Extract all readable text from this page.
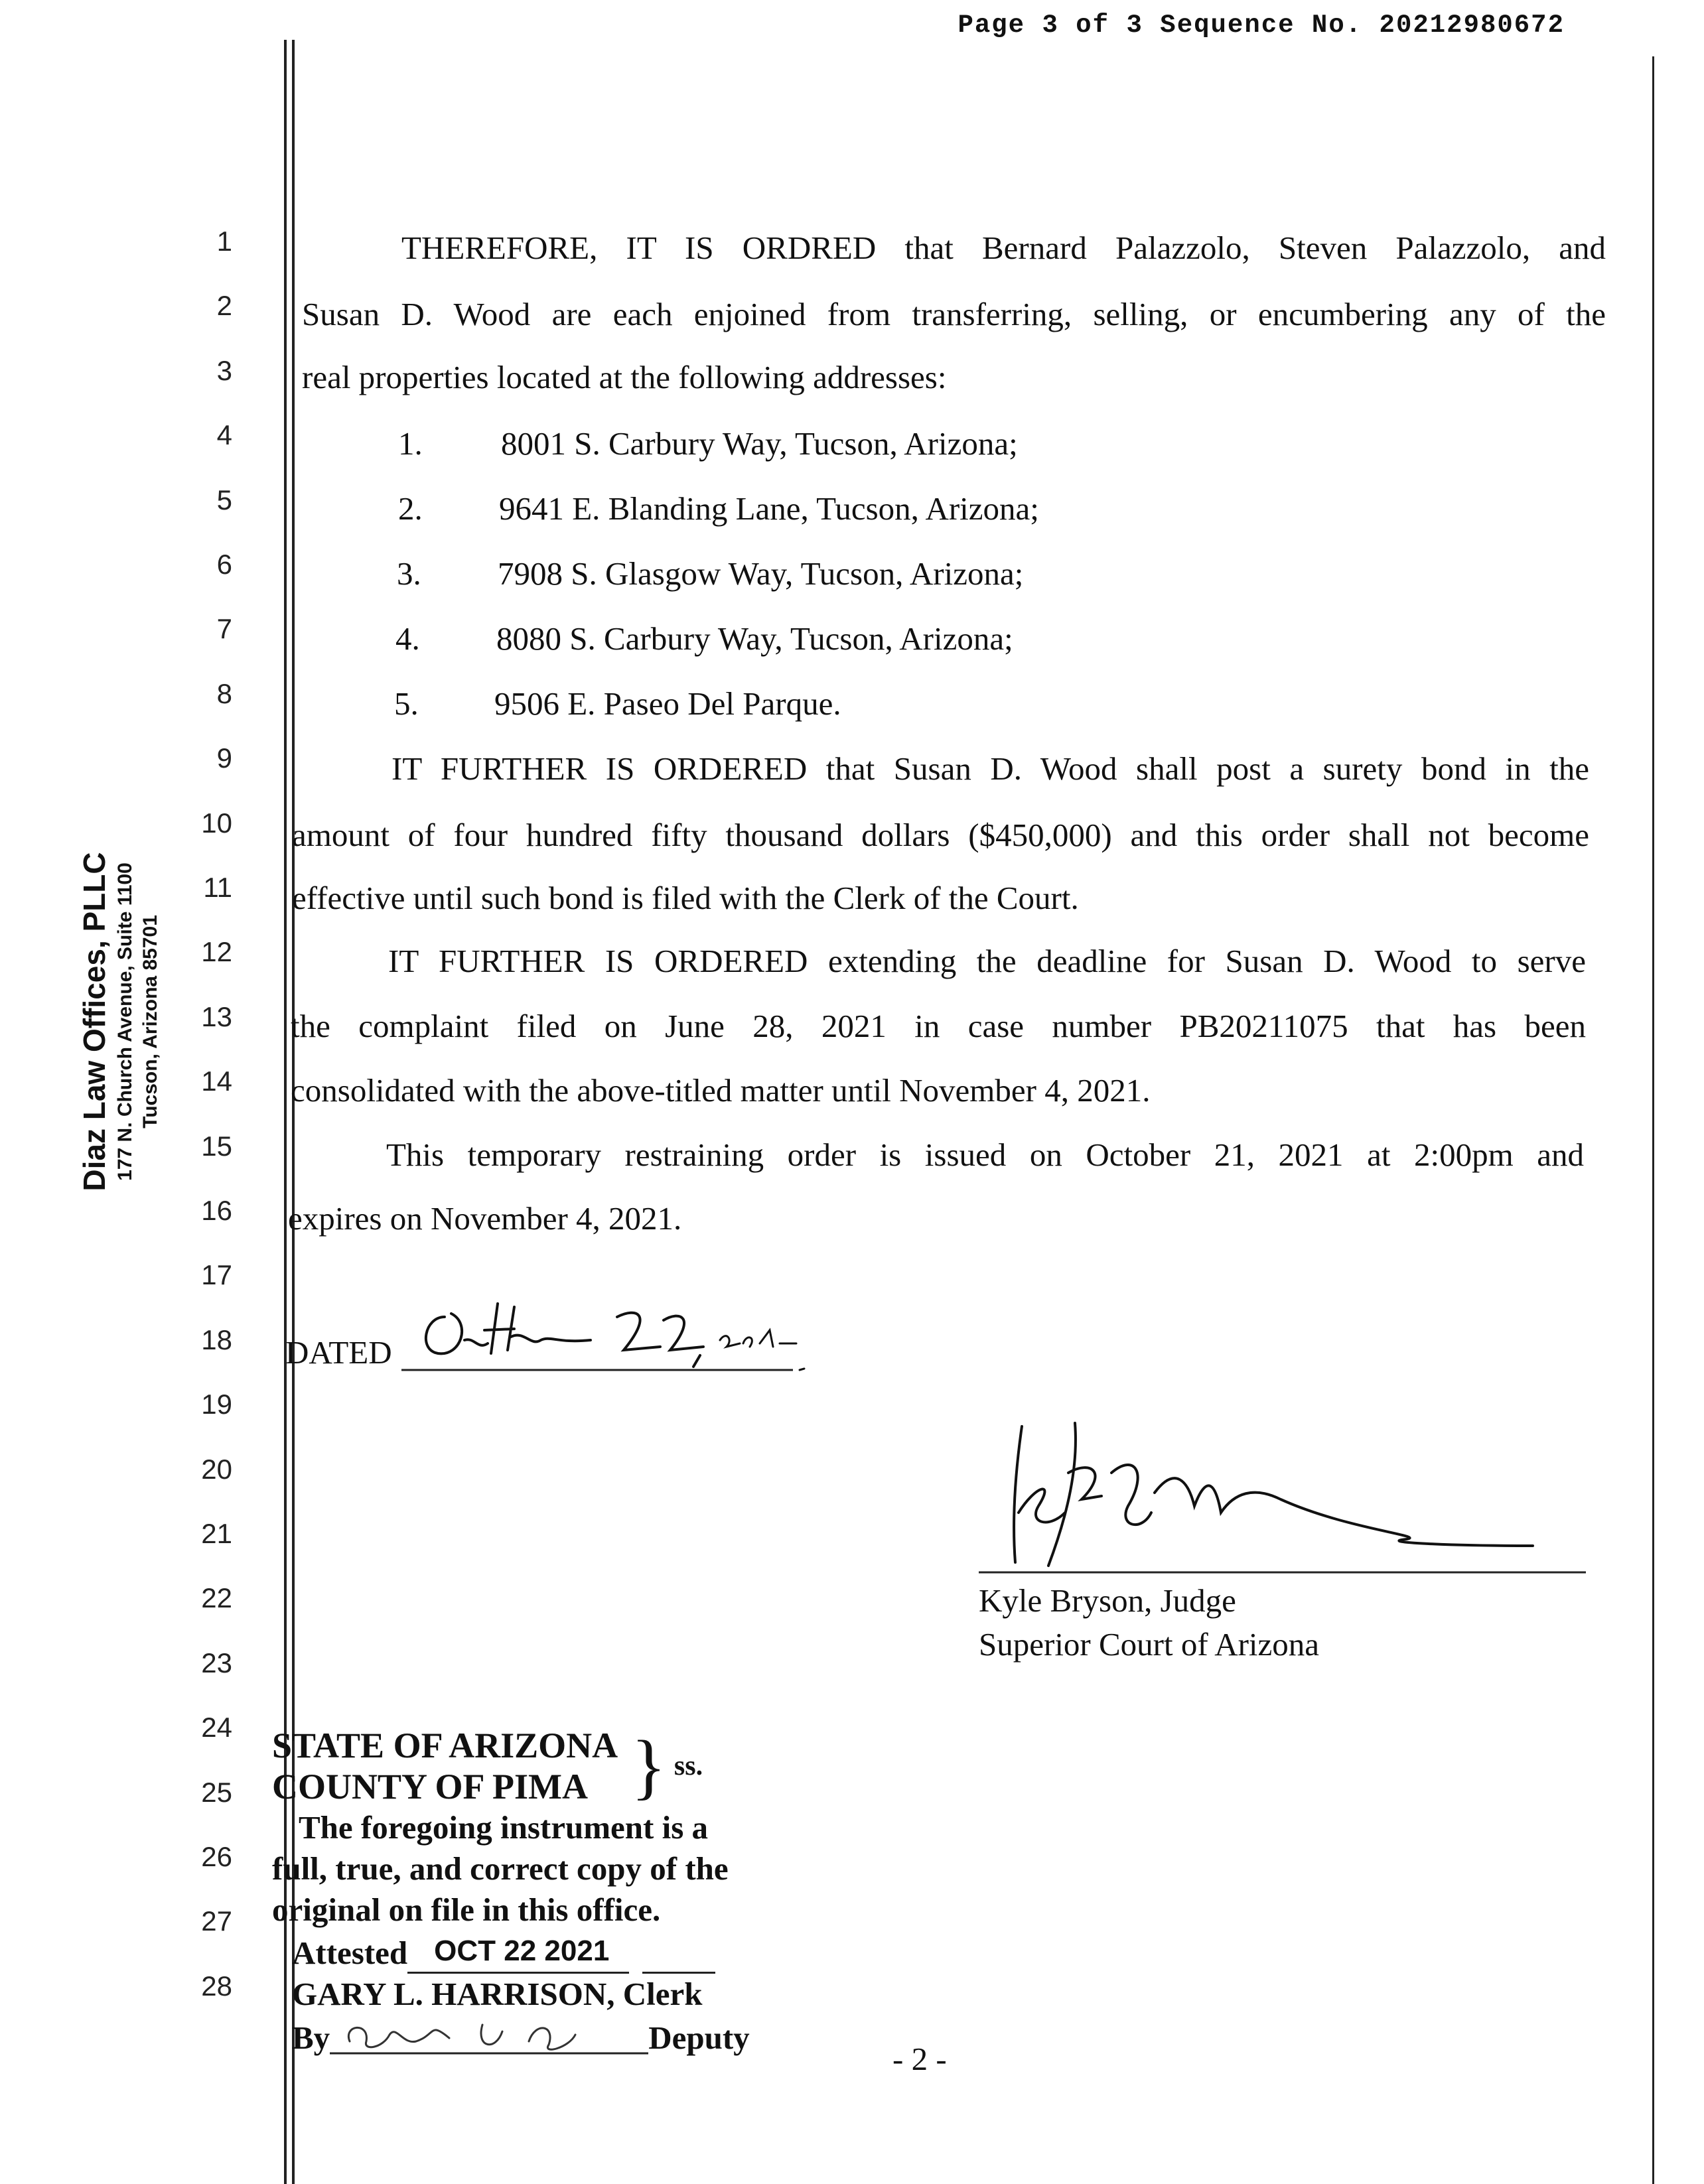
Page 3 of 3 Sequence No. 20212980672
Diaz Law Offices, PLLC 177 N. Church Avenue, Suite 1100 Tucson, Arizona 85701
1
2
3
4
5
6
7
8
9
10
11
12
13
14
15
16
17
18
19
20
21
22
23
24
25
26
27
28
THEREFORE, IT IS ORDRED that Bernard Palazzolo, Steven Palazzolo, and
Susan D. Wood are each enjoined from transferring, selling, or encumbering any of the
real properties located at the following addresses:
1. 8001 S. Carbury Way, Tucson, Arizona;
2. 9641 E. Blanding Lane, Tucson, Arizona;
3. 7908 S. Glasgow Way, Tucson, Arizona;
4. 8080 S. Carbury Way, Tucson, Arizona;
5. 9506 E. Paseo Del Parque.
IT FURTHER IS ORDERED that Susan D. Wood shall post a surety bond in the
amount of four hundred fifty thousand dollars ($450,000) and this order shall not become
effective until such bond is filed with the Clerk of the Court.
IT FURTHER IS ORDERED extending the deadline for Susan D. Wood to serve
the complaint filed on June 28, 2021 in case number PB20211075 that has been
consolidated with the above-titled matter until November 4, 2021.
This temporary restraining order is issued on October 21, 2021 at 2:00pm and
expires on November 4, 2021.
DATED
Kyle Bryson, Judge
Superior Court of Arizona
STATE OF ARIZONA
COUNTY OF PIMA } ss.
The foregoing instrument is a
full, true, and correct copy of the
original on file in this office.
Attested OCT 22 2021
GARY L. HARRISON, Clerk
By	Deputy
- 2 -
